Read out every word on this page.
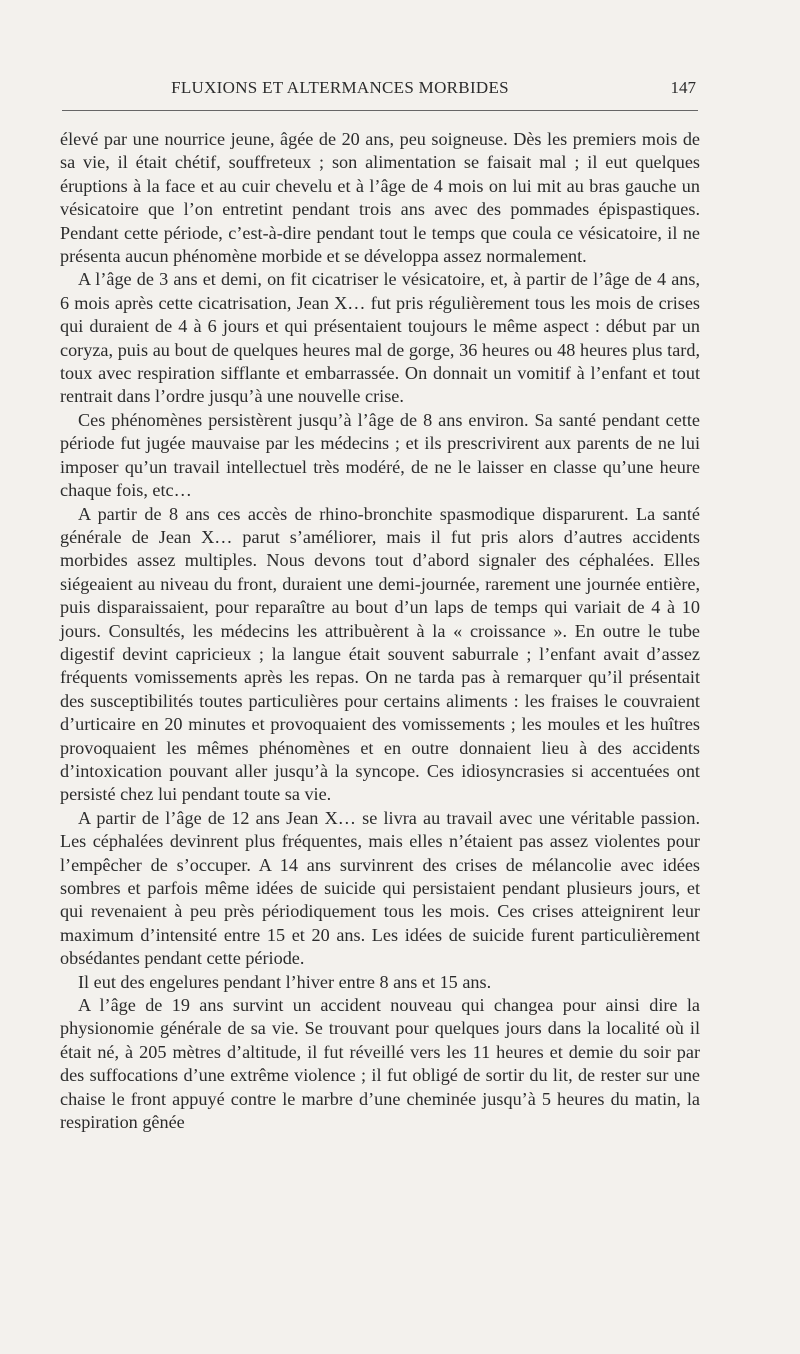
FLUXIONS ET ALTERMANCES MORBIDES	147

élevé par une nourrice jeune, âgée de 20 ans, peu soigneuse. Dès les premiers mois de sa vie, il était chétif, souffreteux ; son alimentation se faisait mal ; il eut quelques éruptions à la face et au cuir chevelu et à l’âge de 4 mois on lui mit au bras gauche un vésicatoire que l’on entretint pendant trois ans avec des pommades épispastiques. Pendant cette période, c’est-à-dire pendant tout le temps que coula ce vésicatoire, il ne présenta aucun phénomène morbide et se développa assez normalement.

A l’âge de 3 ans et demi, on fit cicatriser le vésicatoire, et, à partir de l’âge de 4 ans, 6 mois après cette cicatrisation, Jean X… fut pris régulièrement tous les mois de crises qui duraient de 4 à 6 jours et qui présentaient toujours le même aspect : début par un coryza, puis au bout de quelques heures mal de gorge, 36 heures ou 48 heures plus tard, toux avec respiration sifflante et embarrassée. On donnait un vomitif à l’enfant et tout rentrait dans l’ordre jusqu’à une nouvelle crise.

Ces phénomènes persistèrent jusqu’à l’âge de 8 ans environ. Sa santé pendant cette période fut jugée mauvaise par les médecins ; et ils prescrivirent aux parents de ne lui imposer qu’un travail intellectuel très modéré, de ne le laisser en classe qu’une heure chaque fois, etc…

A partir de 8 ans ces accès de rhino-bronchite spasmodique disparurent. La santé générale de Jean X… parut s’améliorer, mais il fut pris alors d’autres accidents morbides assez multiples. Nous devons tout d’abord signaler des céphalées. Elles siégeaient au niveau du front, duraient une demi-journée, rarement une journée entière, puis disparaissaient, pour reparaître au bout d’un laps de temps qui variait de 4 à 10 jours. Consultés, les médecins les attribuèrent à la « croissance ». En outre le tube digestif devint capricieux ; la langue était souvent saburrale ; l’enfant avait d’assez fréquents vomissements après les repas. On ne tarda pas à remarquer qu’il présentait des susceptibilités toutes particulières pour certains aliments : les fraises le couvraient d’urticaire en 20 minutes et provoquaient des vomissements ; les moules et les huîtres provoquaient les mêmes phénomènes et en outre donnaient lieu à des accidents d’intoxication pouvant aller jusqu’à la syncope. Ces idiosyncrasies si accentuées ont persisté chez lui pendant toute sa vie.

A partir de l’âge de 12 ans Jean X… se livra au travail avec une véritable passion. Les céphalées devinrent plus fréquentes, mais elles n’étaient pas assez violentes pour l’empêcher de s’occuper. A 14 ans survinrent des crises de mélancolie avec idées sombres et parfois même idées de suicide qui persistaient pendant plusieurs jours, et qui revenaient à peu près périodiquement tous les mois. Ces crises atteignirent leur maximum d’intensité entre 15 et 20 ans. Les idées de suicide furent particulièrement obsédantes pendant cette période.

Il eut des engelures pendant l’hiver entre 8 ans et 15 ans.

A l’âge de 19 ans survint un accident nouveau qui changea pour ainsi dire la physionomie générale de sa vie. Se trouvant pour quelques jours dans la localité où il était né, à 205 mètres d’altitude, il fut réveillé vers les 11 heures et demie du soir par des suffocations d’une extrême violence ; il fut obligé de sortir du lit, de rester sur une chaise le front appuyé contre le marbre d’une cheminée jusqu’à 5 heures du matin, la respiration gênée
